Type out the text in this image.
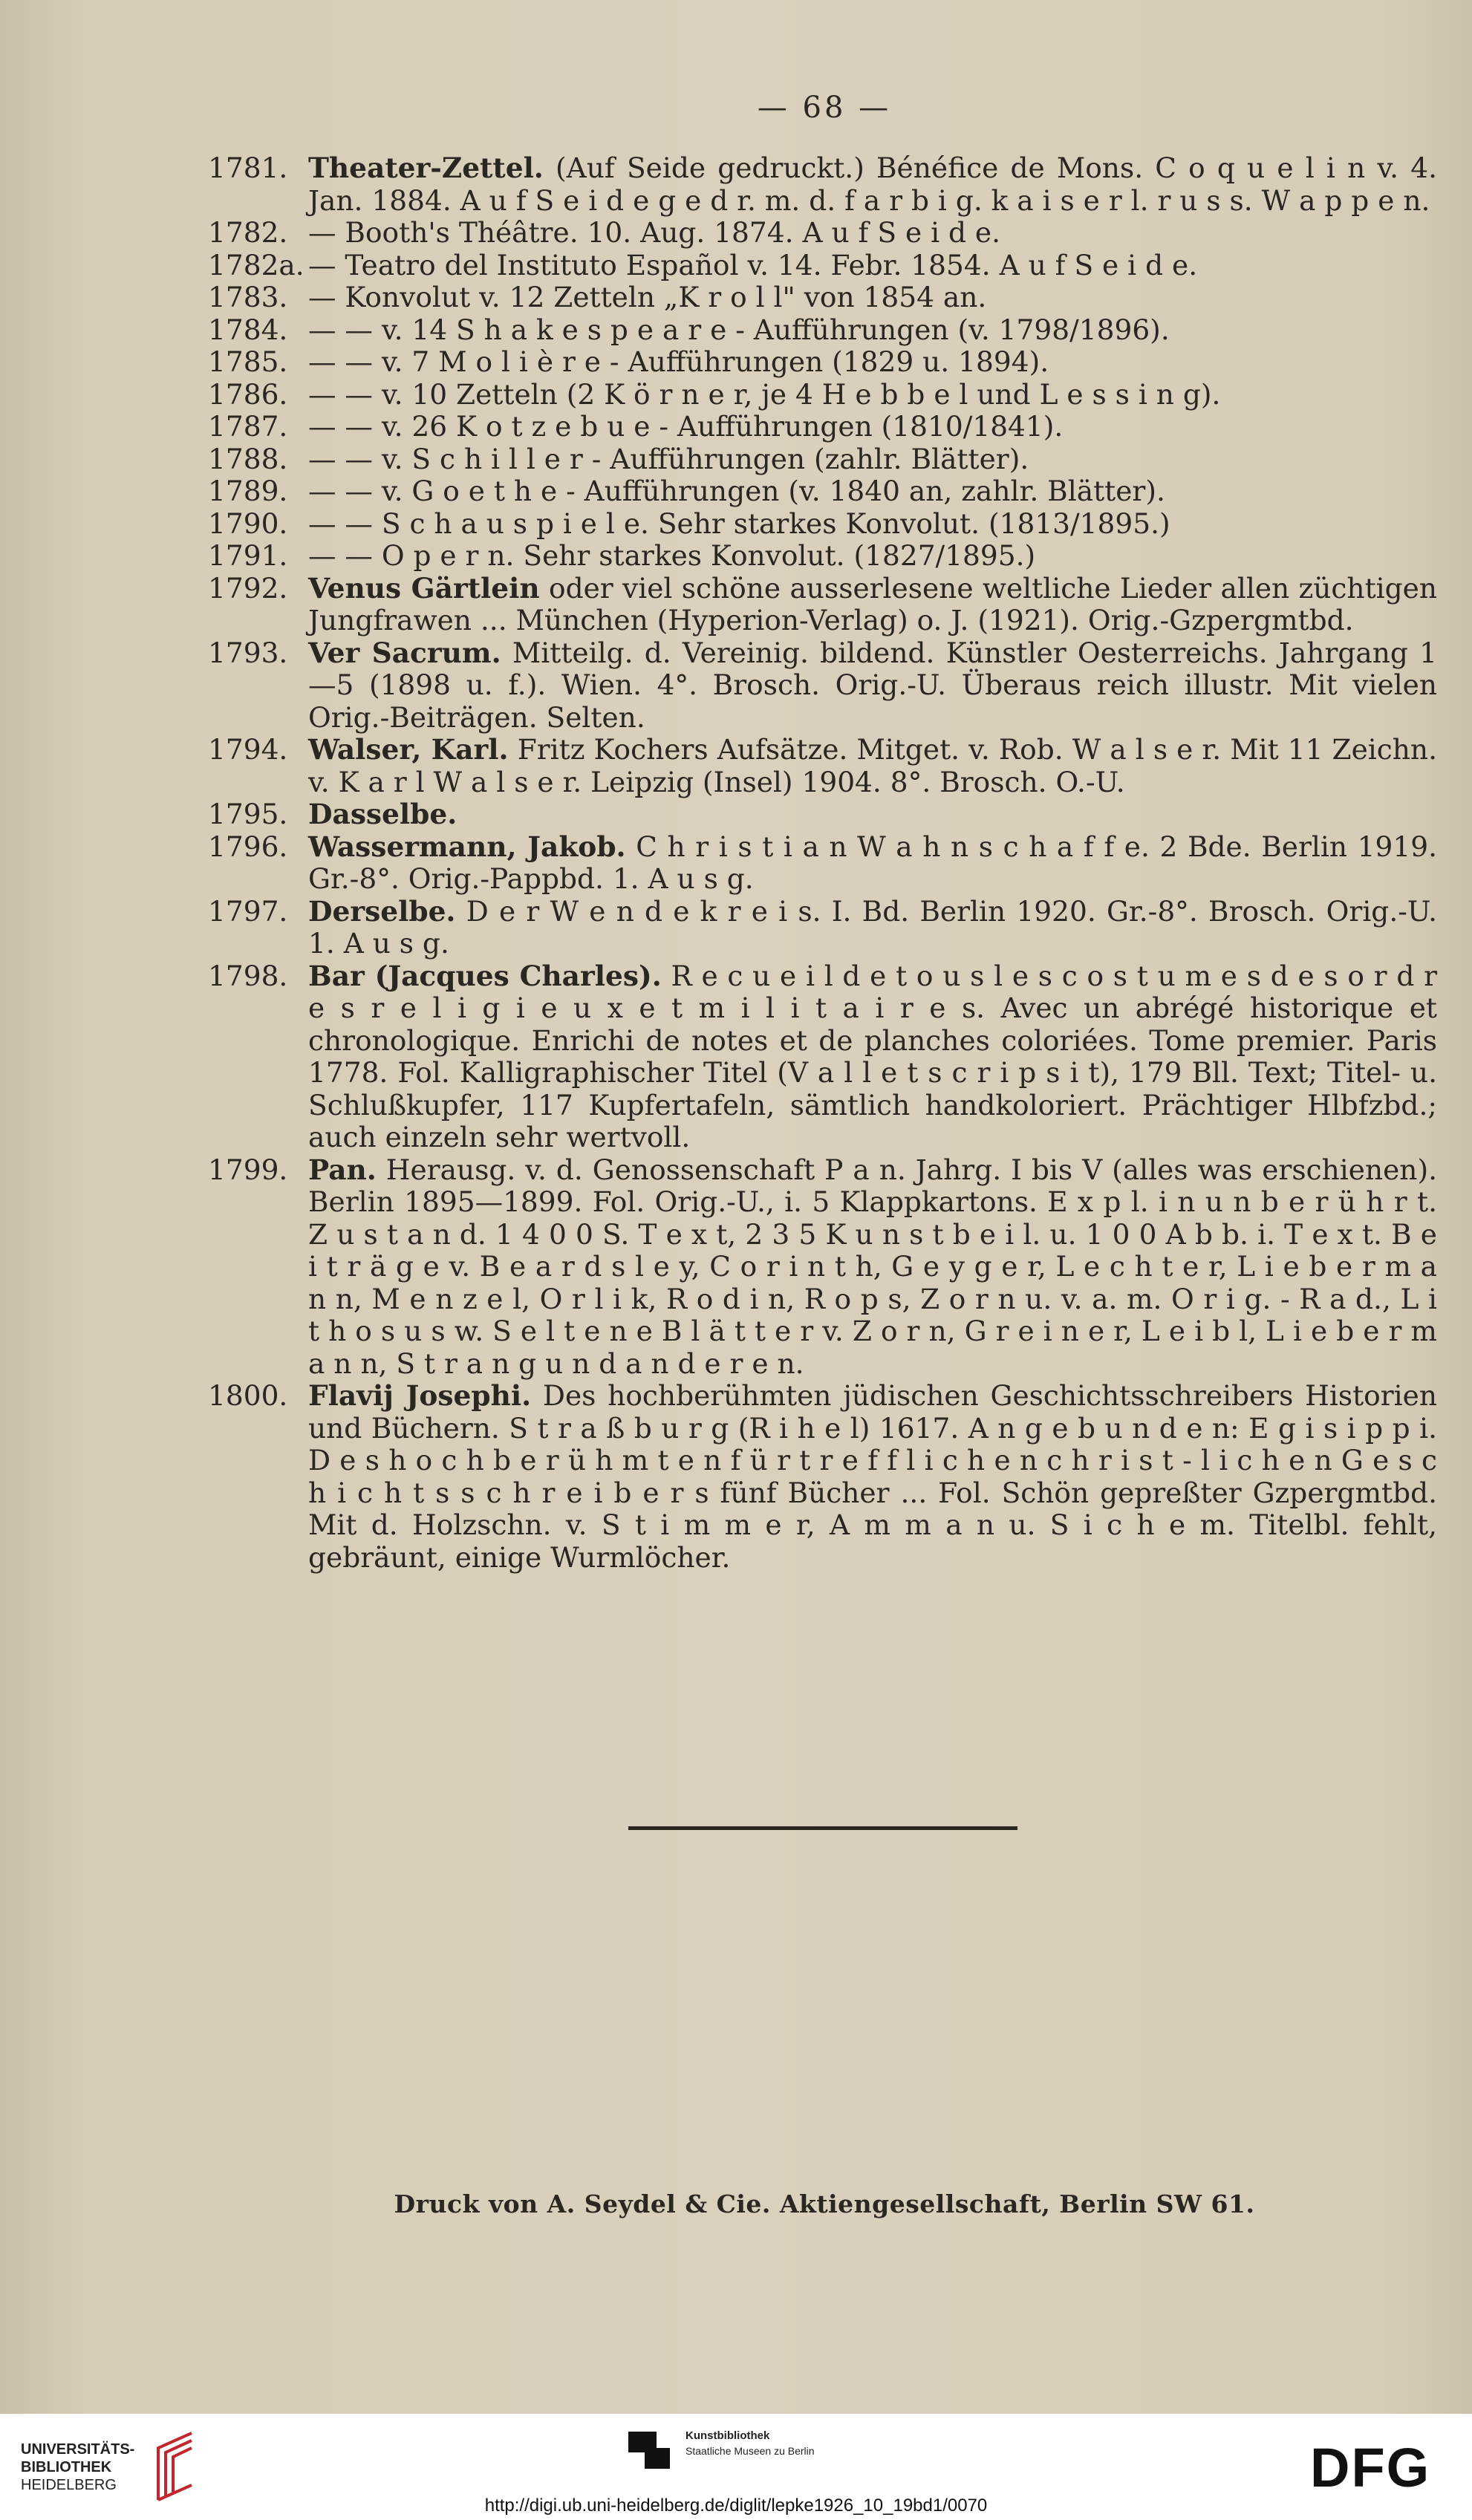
— 68 —
1781. Theater-Zettel. (Auf Seide gedruckt.) Bénéfice de Mons. C o q u e l i n v. 4. Jan. 1884. A u f S e i d e g e d r. m. d. f a r b i g. k a i s e r l. r u s s. W a p p e n.
1782. — Booth's Théâtre. 10. Aug. 1874. A u f S e i d e.
1782a. — Teatro del Instituto Español v. 14. Febr. 1854. A u f S e i d e.
1783. — Konvolut v. 12 Zetteln „K r o l l" von 1854 an.
1784. — — v. 14 S h a k e s p e a r e - Aufführungen (v. 1798/1896).
1785. — — v. 7 M o l i è r e - Aufführungen (1829 u. 1894).
1786. — — v. 10 Zetteln (2 K ö r n e r, je 4 H e b b e l und L e s s i n g).
1787. — — v. 26 K o t z e b u e - Aufführungen (1810/1841).
1788. — — v. S c h i l l e r - Aufführungen (zahlr. Blätter).
1789. — — v. G o e t h e - Aufführungen (v. 1840 an, zahlr. Blätter).
1790. — — S c h a u s p i e l e. Sehr starkes Konvolut. (1813/1895.)
1791. — — O p e r n. Sehr starkes Konvolut. (1827/1895.)
1792. Venus Gärtlein oder viel schöne ausserlesene weltliche Lieder allen züchtigen Jungfrawen ... München (Hyperion-Verlag) o. J. (1921). Orig.-Gzpergmtbd.
1793. Ver Sacrum. Mitteilg. d. Vereinig. bildend. Künstler Oesterreichs. Jahrgang 1—5 (1898 u. f.). Wien. 4°. Brosch. Orig.-U. Überaus reich illustr. Mit vielen Orig.-Beiträgen. Selten.
1794. Walser, Karl. Fritz Kochers Aufsätze. Mitget. v. Rob. W a l s e r. Mit 11 Zeichn. v. K a r l W a l s e r. Leipzig (Insel) 1904. 8°. Brosch. O.-U.
1795. Dasselbe.
1796. Wassermann, Jakob. C h r i s t i a n W a h n s c h a f f e. 2 Bde. Berlin 1919. Gr.-8°. Orig.-Pappbd. 1. A u s g.
1797. Derselbe. D e r W e n d e k r e i s. I. Bd. Berlin 1920. Gr.-8°. Brosch. Orig.-U. 1. A u s g.
1798. Bar (Jacques Charles). R e c u e i l d e t o u s l e s c o s t u m e s d e s o r d r e s r e l i g i e u x e t m i l i t a i r e s. Avec un abrégé historique et chronologique. Enrichi de notes et de planches coloriées. Tome premier. Paris 1778. Fol. Kalligraphischer Titel (V a l l e t s c r i p s i t), 179 Bll. Text; Titel- u. Schlußkupfer, 117 Kupfertafeln, sämtlich handkoloriert. Prächtiger Hlbfzbd.; auch einzeln sehr wertvoll.
1799. Pan. Herausg. v. d. Genossenschaft P a n. Jahrg. I bis V (alles was erschienen). Berlin 1895—1899. Fol. Orig.-U., i. 5 Klappkartons. E x p l. i n u n b e r ü h r t. Z u s t a n d. 1 4 0 0 S. T e x t, 2 3 5 K u n s t b e i l. u. 1 0 0 A b b. i. T e x t. B e i t r ä g e v. B e a r d s l e y, C o r i n t h, G e y g e r, L e c h t e r, L i e b e r m a n n, M e n z e l, O r l i k, R o d i n, R o p s, Z o r n u. v. a. m. O r i g. - R a d., L i t h o s u s w. S e l t e n e B l ä t t e r v. Z o r n, G r e i n e r, L e i b l, L i e b e r m a n n, S t r a n g u n d a n d e r e n.
1800. Flavij Josephi. Des hochberühmten jüdischen Geschichtsschreibers Historien und Büchern. S t r a ß b u r g (R i h e l) 1617. A n g e b u n d e n: E g i s i p p i. D e s h o c h b e r ü h m t e n f ü r t r e f f l i c h e n c h r i s t - l i c h e n G e s c h i c h t s s c h r e i b e r s fünf Bücher ... Fol. Schön gepreßter Gzpergmtbd. Mit d. Holzschn. v. S t i m m e r, A m m a n u. S i c h e m. Titelbl. fehlt, gebräunt, einige Wurmlöcher.
Druck von A. Seydel & Cie. Aktiengesellschaft, Berlin SW 61.
UNIVERSITÄTS-
BIBLIOTHEK
HEIDELBERG
Kunstbibliothek
Staatliche Museen zu Berlin	DFG
http://digi.ub.uni-heidelberg.de/diglit/lepke1926_10_19bd1/0070
